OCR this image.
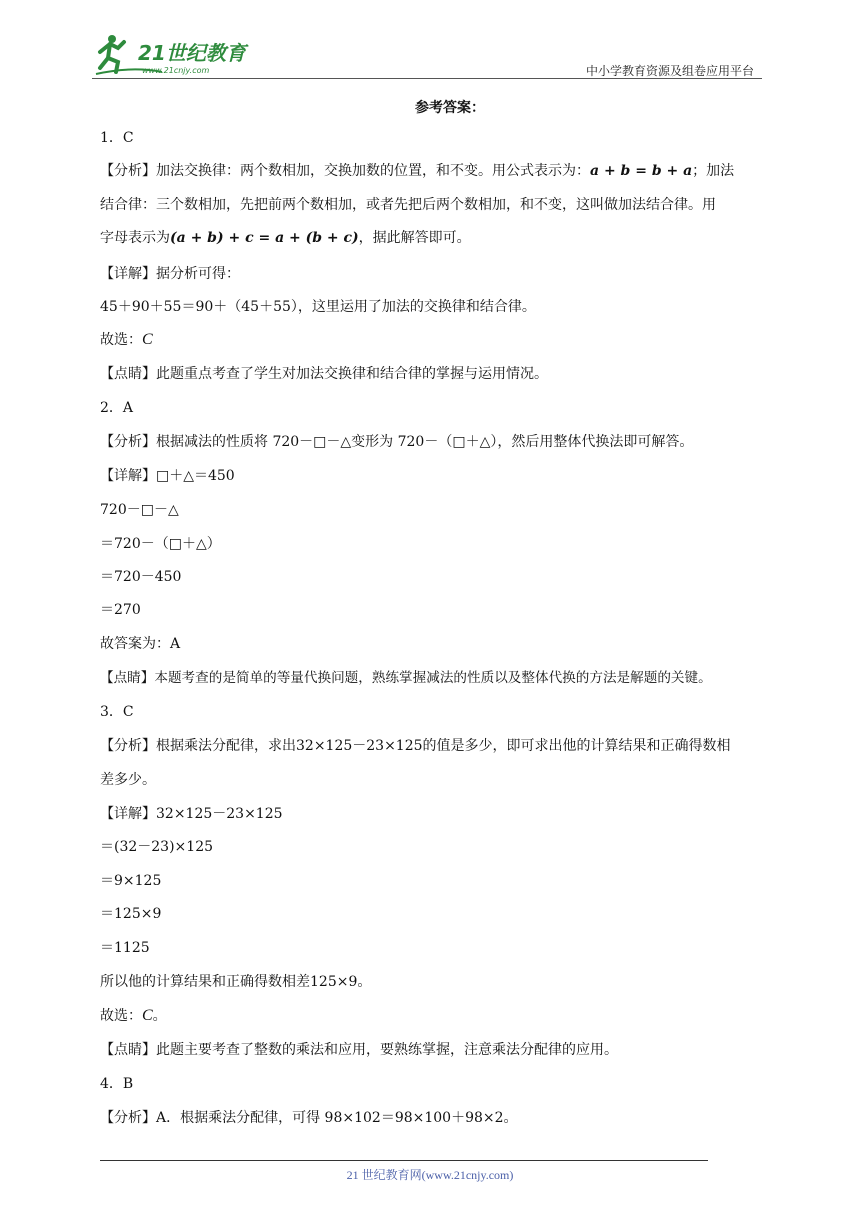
21世纪教育
www.21cnjy.com	中小学教育资源及组卷应用平台
参考答案：
1．C
【分析】加法交换律：两个数相加，交换加数的位置，和不变。用公式表示为：a + b = b + a；加法
结合律：三个数相加，先把前两个数相加，或者先把后两个数相加，和不变，这叫做加法结合律。用
字母表示为(a + b) + c = a + (b + c)，据此解答即可。
【详解】据分析可得：
45＋90＋55＝90＋（45＋55），这里运用了加法的交换律和结合律。
故选：C
【点睛】此题重点考查了学生对加法交换律和结合律的掌握与运用情况。
2．A
【分析】根据减法的性质将 720－□－△变形为 720－（□＋△），然后用整体代换法即可解答。
【详解】□＋△＝450
720－□－△
＝720－（□＋△）
＝720－450
＝270
故答案为：A
【点睛】本题考查的是简单的等量代换问题，熟练掌握减法的性质以及整体代换的方法是解题的关键。
3．C
【分析】根据乘法分配律，求出32×125－23×125的值是多少，即可求出他的计算结果和正确得数相
差多少。
【详解】32×125－23×125
＝(32－23)×125
＝9×125
＝125×9
＝1125
所以他的计算结果和正确得数相差125×9。
故选：C。
【点睛】此题主要考查了整数的乘法和应用，要熟练掌握，注意乘法分配律的应用。
4．B
【分析】A．根据乘法分配律，可得 98×102＝98×100＋98×2。
21 世纪教育网(www.21cnjy.com)
